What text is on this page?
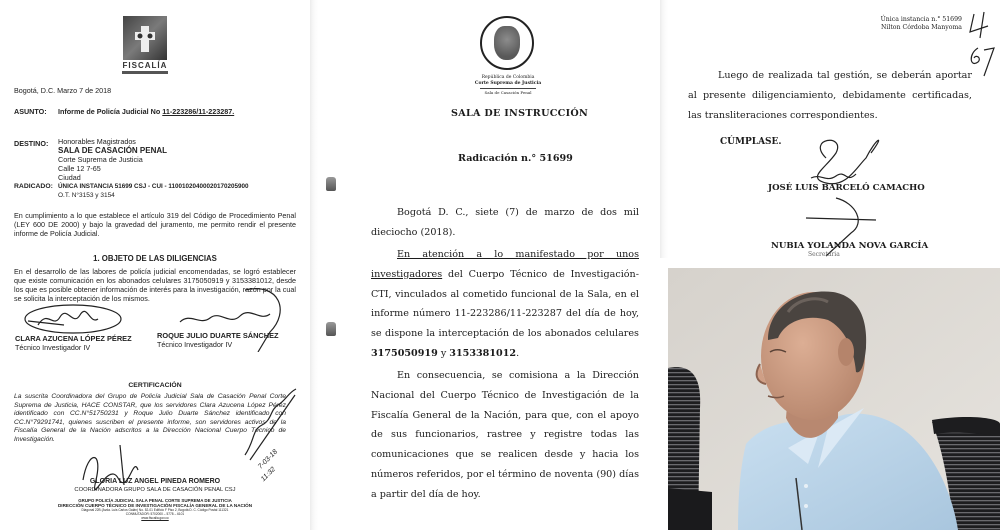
FISCALÍA
Bogotá, D.C. Marzo 7 de 2018
ASUNTO: Informe de Policía Judicial No 11-223286/11-223287.
DESTINO: Honorables Magistrados
SALA DE CASACIÓN PENAL
Corte Suprema de Justicia
Calle 12 7-65
Ciudad
RADICADO: ÚNICA INSTANCIA 51699 CSJ - CUI - 11001020400020170205900
O.T. N°3153 y 3154
En cumplimiento a lo que establece el artículo 319 del Código de Procedimiento Penal (LEY 600 DE 2000) y bajo la gravedad del juramento, me permito rendir el presente informe de Policía Judicial.
1. OBJETO DE LAS DILIGENCIAS
En el desarrollo de las labores de policía judicial encomendadas, se logró establecer que existe comunicación en los abonados celulares 3175050919 y 3153381012, desde los que es posible obtener información de interés para la investigación, razón por la cual se solicita la interceptación de los mismos.
CLARA AZUCENA LÓPEZ PÉREZ
Técnico Investigador IV
ROQUE JULIO DUARTE SÁNCHEZ
Técnico Investigador IV
CERTIFICACIÓN
La suscrita Coordinadora del Grupo de Policía Judicial Sala de Casación Penal Corte Suprema de Justicia, HACE CONSTAR, que los servidores Clara Azucena López Pérez identificado con CC.N°51750231 y Roque Julio Duarte Sánchez identificado con CC.N°79291741, quienes suscriben el presente informe, son servidores activos de la Fiscalía General de la Nación adscritos a la Dirección Nacional Cuerpo Técnico de Investigación.
7-03-18
11:32
GLORIA LUZ ANGEL PINEDA ROMERO
COORDINADORA GRUPO SALA DE CASACIÓN PENAL CSJ
GRUPO POLICÍA JUDICIAL SALA PENAL CORTE SUPREMA DE JUSTICIA
DIRECCIÓN CUERPO TÉCNICO DE INVESTIGACIÓN FISCALÍA GENERAL DE LA NACIÓN
Diagonal 22B (Avda. Luis Carlos Galán) No. 52-01 Edificio F Piso 2, Bogotá D. C. Código Postal 111321
CONMUTADOR: 5702000 – 5778 – 6101
www.fiscalia.gov.co
República de Colombia
Corte Suprema de Justicia
Sala de Casación Penal
SALA DE INSTRUCCIÓN
Radicación n.° 51699
Bogotá D. C., siete (7) de marzo de dos mil dieciocho (2018).
En atención a lo manifestado por unos investigadores del Cuerpo Técnico de Investigación-CTI, vinculados al cometido funcional de la Sala, en el informe número 11-223286/11-223287 del día de hoy, se dispone la interceptación de los abonados celulares 3175050919 y 3153381012.
En consecuencia, se comisiona a la Dirección Nacional del Cuerpo Técnico de Investigación de la Fiscalía General de la Nación, para que, con el apoyo de sus funcionarios, rastree y registre todas las comunicaciones que se realicen desde y hacia los números referidos, por el término de noventa (90) días a partir del día de hoy.
Única instancia n.° 51699
Nilton Córdoba Manyoma
Luego de realizada tal gestión, se deberán aportar al presente diligenciamiento, debidamente certificadas, las transliteraciones correspondientes.
CÚMPLASE.
JOSÉ LUIS BARCELÓ CAMACHO
NUBIA YOLANDA NOVA GARCÍA
Secretaria
